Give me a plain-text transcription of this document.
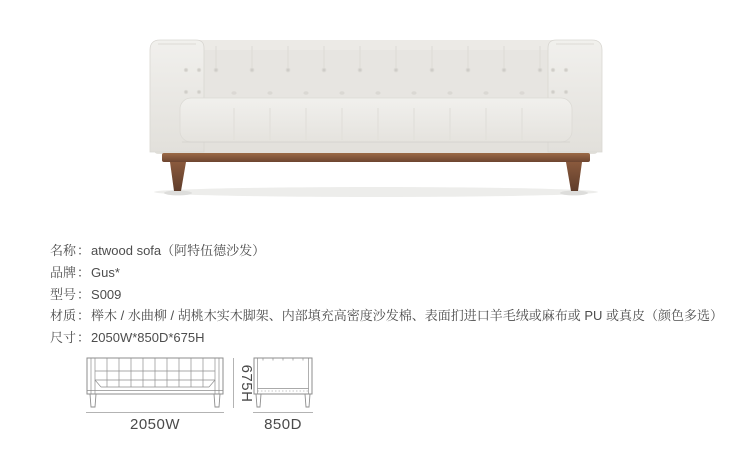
名称：atwood sofa（阿特伍德沙发）
品牌：Gus*
型号：S009
材质：榉木 / 水曲柳 / 胡桃木实木脚架、内部填充高密度沙发棉、表面扪进口羊毛绒或麻布或 PU 或真皮（颜色多选）
尺寸：2050W*850D*675H
2050W
675H
850D
